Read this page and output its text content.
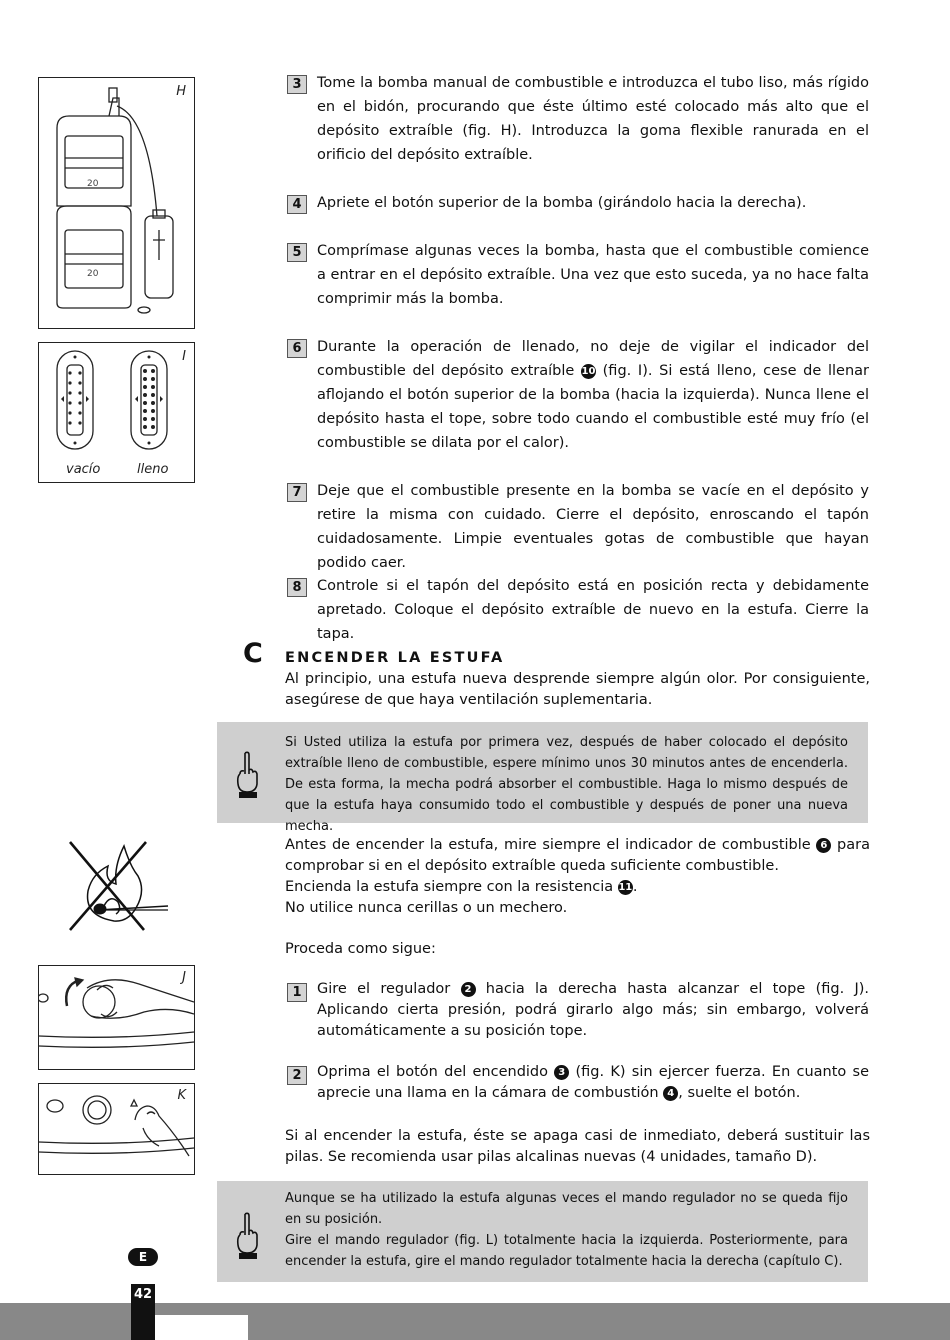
H
20
20
I
vacío	lleno
3	Tome la bomba manual de combustible e introduzca el tubo liso, más rígido en el bidón, procurando que éste último esté colocado más alto que el depósito extraíble (fig. H). Introduzca la goma flexible ranurada en el orificio del depósito extraíble.
4	Apriete el botón superior de la bomba (girándolo hacia la derecha).
5	Comprímase algunas veces la bomba, hasta que el combustible comience a entrar en el depósito extraíble. Una vez que esto suceda, ya no hace falta comprimir más la bomba.
6	Durante la operación de llenado, no deje de vigilar el indicador del combustible del depósito extraíble 10 (fig. I). Si está lleno, cese de llenar aflojando el botón superior de la bomba (hacia la izquierda). Nunca llene el depósito hasta el tope, sobre todo cuando el combustible esté muy frío (el combustible se dilata por el calor).
7	Deje que el combustible presente en la bomba se vacíe en el depósito y retire la misma con cuidado. Cierre el depósito, enroscando el tapón cuidadosamente. Limpie eventuales gotas de combustible que hayan podido caer.
8	Controle si el tapón del depósito está en posición recta y debidamente apretado. Coloque el depósito extraíble de nuevo en la estufa. Cierre la tapa.
C ENCENDER LA ESTUFA
Al principio, una estufa nueva desprende siempre algún olor. Por consiguiente, asegúrese de que haya ventilación suplementaria.
Si Usted utiliza la estufa por primera vez, después de haber colocado el depósito extraíble lleno de combustible, espere mínimo unos 30 minutos antes de encenderla. De esta forma, la mecha podrá absorber el combustible. Haga lo mismo después de que la estufa haya consumido todo el combustible y después de poner una nueva mecha.
Antes de encender la estufa, mire siempre el indicador de combustible 6 para comprobar si en el depósito extraíble queda suficiente combustible.
Encienda la estufa siempre con la resistencia 11.
No utilice nunca cerillas o un mechero.
Proceda como sigue:
J
1	Gire el regulador 2 hacia la derecha hasta alcanzar el tope (fig. J). Aplicando cierta presión, podrá girarlo algo más; sin embargo, volverá automáticamente a su posición tope.
2	Oprima el botón del encendido 3 (fig. K) sin ejercer fuerza. En cuanto se aprecie una llama en la cámara de combustión 4 , suelte el botón.
K
Si al encender la estufa, éste se apaga casi de inmediato, deberá sustituir las pilas. Se recomienda usar pilas alcalinas nuevas (4 unidades, tamaño D).
Aunque se ha utilizado la estufa algunas veces el mando regulador no se queda fijo en su posición.
Gire el mando regulador (fig. L) totalmente hacia la izquierda. Posteriormente, para encender la estufa, gire el mando regulador totalmente hacia la derecha (capítulo C).
E
42
